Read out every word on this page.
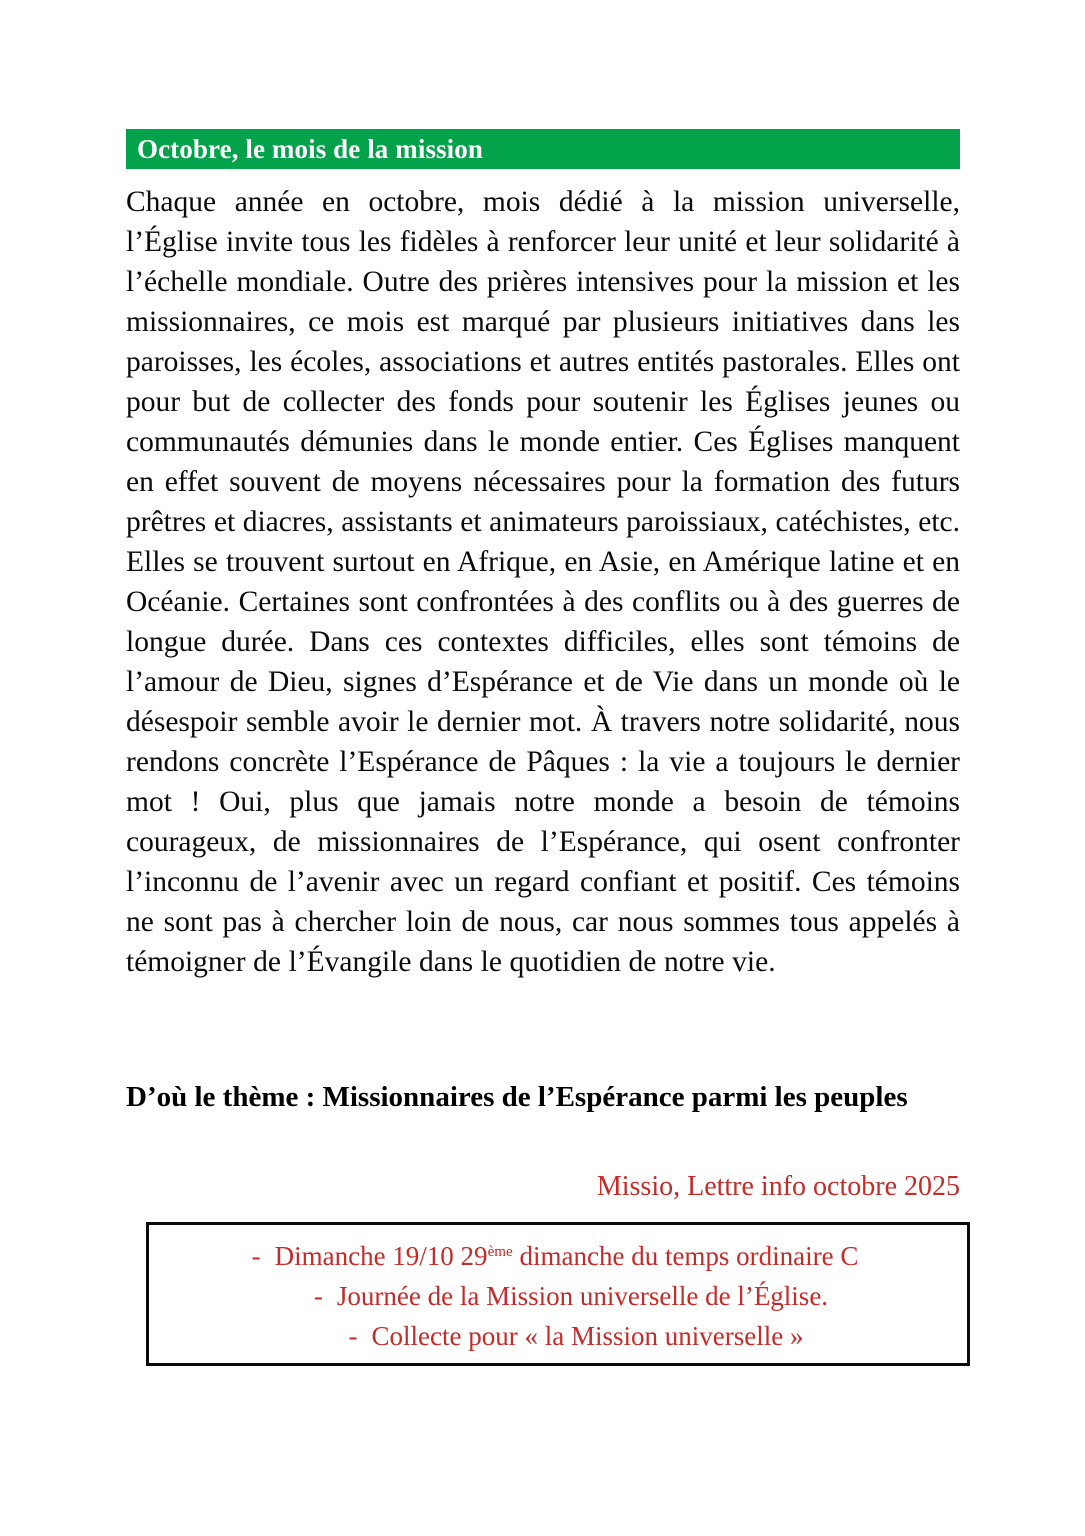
Octobre, le mois de la mission

Chaque année en octobre, mois dédié à la mission universelle, l’Église invite tous les fidèles à renforcer leur unité et leur solidarité à l’échelle mondiale. Outre des prières intensives pour la mission et les missionnaires, ce mois est marqué par plusieurs initiatives dans les paroisses, les écoles, associations et autres entités pastorales. Elles ont pour but de collecter des fonds pour soutenir les Églises jeunes ou communautés démunies dans le monde entier. Ces Églises manquent en effet souvent de moyens nécessaires pour la formation des futurs prêtres et diacres, assistants et animateurs paroissiaux, catéchistes, etc. Elles se trouvent surtout en Afrique, en Asie, en Amérique latine et en Océanie. Certaines sont confrontées à des conflits ou à des guerres de longue durée. Dans ces contextes difficiles, elles sont témoins de l’amour de Dieu, signes d’Espérance et de Vie dans un monde où le désespoir semble avoir le dernier mot. À travers notre solidarité, nous rendons concrète l’Espérance de Pâques : la vie a toujours le dernier mot ! Oui, plus que jamais notre monde a besoin de témoins courageux, de missionnaires de l’Espérance, qui osent confronter l’inconnu de l’avenir avec un regard confiant et positif. Ces témoins ne sont pas à chercher loin de nous, car nous sommes tous appelés à témoigner de l’Évangile dans le quotidien de notre vie.

D’où le thème : Missionnaires de l’Espérance parmi les peuples

Missio, Lettre info octobre 2025

- Dimanche 19/10 29ème dimanche du temps ordinaire C

- Journée de la Mission universelle de l’Église.

- Collecte pour « la Mission universelle »
